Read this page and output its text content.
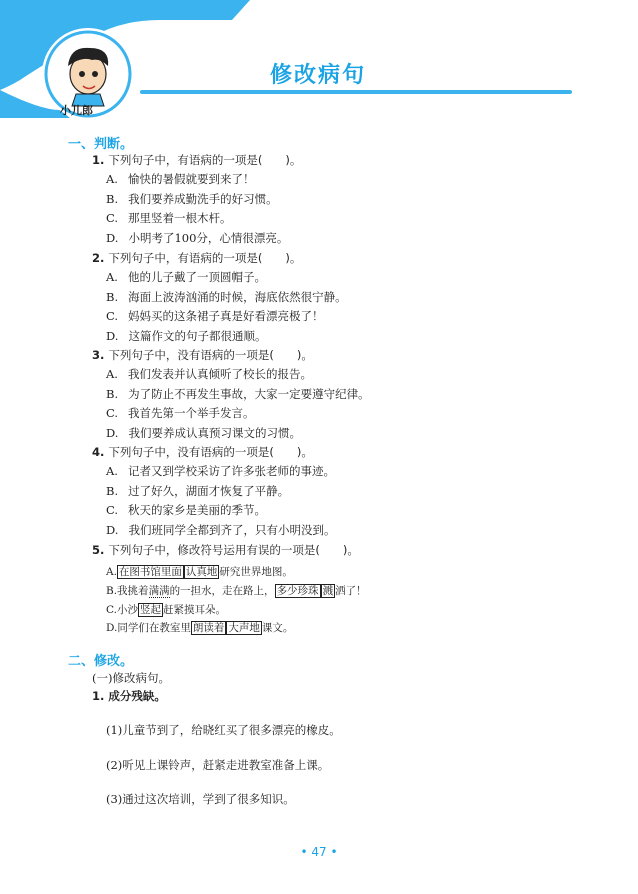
修改病句
小儿郎
一、判断。
1. 下列句子中，有语病的一项是(　　)。
A. 愉快的暑假就要到来了！
B. 我们要养成勤洗手的好习惯。
C. 那里竖着一根木杆。
D. 小明考了100分，心情很漂亮。
2. 下列句子中，有语病的一项是(　　)。
A. 他的儿子戴了一顶圆帽子。
B. 海面上波涛汹涌的时候，海底依然很宁静。
C. 妈妈买的这条裙子真是好看漂亮极了！
D. 这篇作文的句子都很通顺。
3. 下列句子中，没有语病的一项是(　　)。
A. 我们发表并认真倾听了校长的报告。
B. 为了防止不再发生事故，大家一定要遵守纪律。
C. 我首先第一个举手发言。
D. 我们要养成认真预习课文的习惯。
4. 下列句子中，没有语病的一项是(　　)。
A. 记者又到学校采访了许多张老师的事迹。
B. 过了好久，湖面才恢复了平静。
C. 秋天的家乡是美丽的季节。
D. 我们班同学全都到齐了，只有小明没到。
5. 下列句子中，修改符号运用有误的一项是(　　)。
A. 在图书馆里面 认真地 研究世界地图。
B.我挑着满满的一担水，走在路上， 多少珍珠 溅 洒了！
C.小沙 竖起 赶紧摸耳朵。
D.同学们在教室里 朗读着 大声地 课文。
二、修改。
(一)修改病句。
1. 成分残缺。
(1)儿童节到了，给晓红买了很多漂亮的橡皮。
(2)听见上课铃声，赶紧走进教室准备上课。
(3)通过这次培训，学到了很多知识。
• 47 •
